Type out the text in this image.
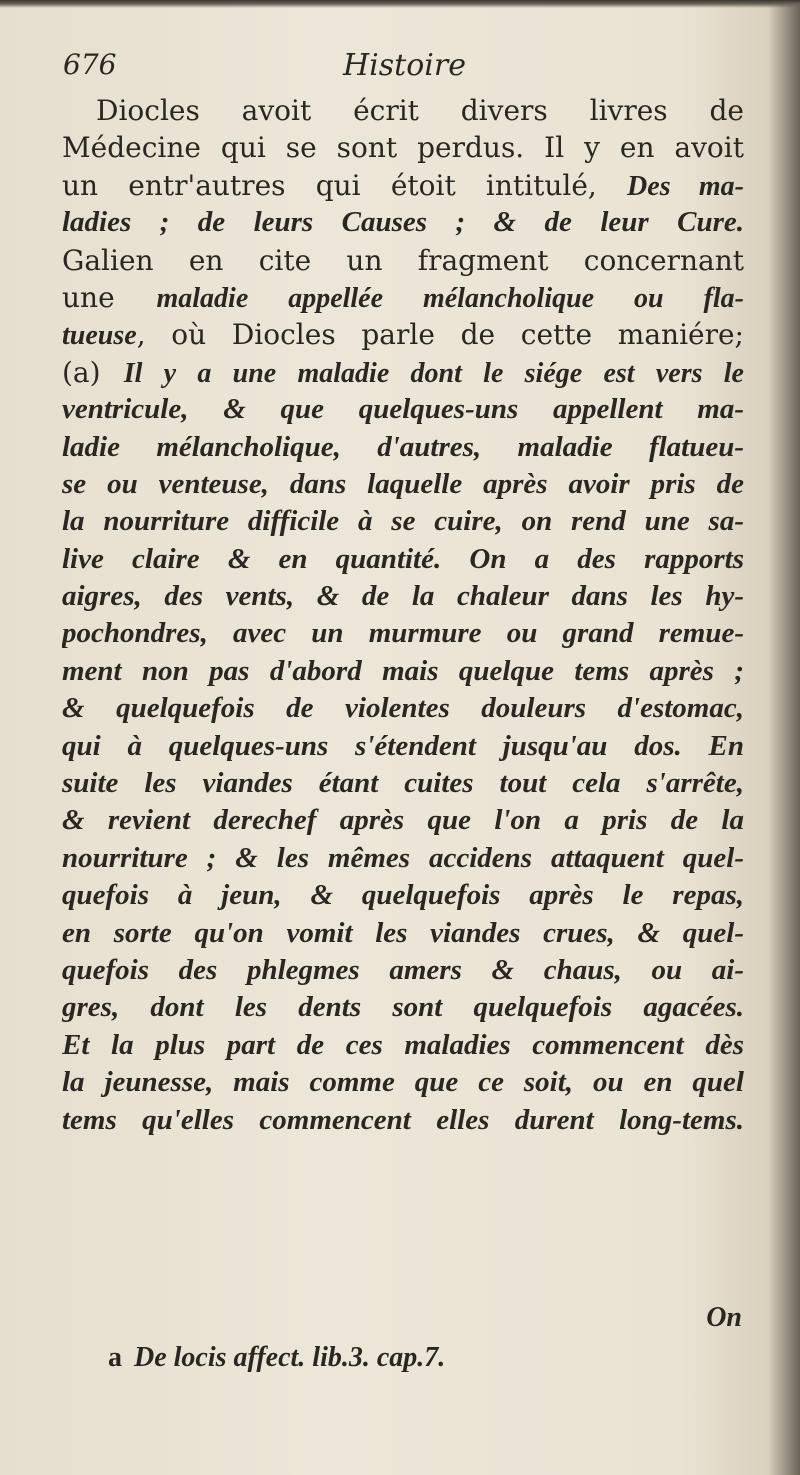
676	Histoire
Diocles avoit écrit divers livres de
Médecine qui se sont perdus. Il y en avoit
un entr'autres qui étoit intitulé, Des ma-
ladies ; de leurs Causes ; & de leur Cure.
Galien en cite un fragment concernant
une maladie appellée mélancholique ou fla-
tueuse, où Diocles parle de cette maniére;
(a) Il y a une maladie dont le siége est vers le
ventricule, & que quelques-uns appellent ma-
ladie mélancholique, d'autres, maladie flatueu-
se ou venteuse, dans laquelle après avoir pris de
la nourriture difficile à se cuire, on rend une sa-
live claire & en quantité. On a des rapports
aigres, des vents, & de la chaleur dans les hy-
pochondres, avec un murmure ou grand remue-
ment non pas d'abord mais quelque tems après ;
& quelquefois de violentes douleurs d'estomac,
qui à quelques-uns s'étendent jusqu'au dos. En
suite les viandes étant cuites tout cela s'arrête,
& revient derechef après que l'on a pris de la
nourriture ; & les mêmes accidens attaquent quel-
quefois à jeun, & quelquefois après le repas,
en sorte qu'on vomit les viandes crues, & quel-
quefois des phlegmes amers & chaus, ou ai-
gres, dont les dents sont quelquefois agacées.
Et la plus part de ces maladies commencent dès
la jeunesse, mais comme que ce soit, ou en quel
tems qu'elles commencent elles durent long-tems.
On
a De locis affect. lib.3. cap.7.
